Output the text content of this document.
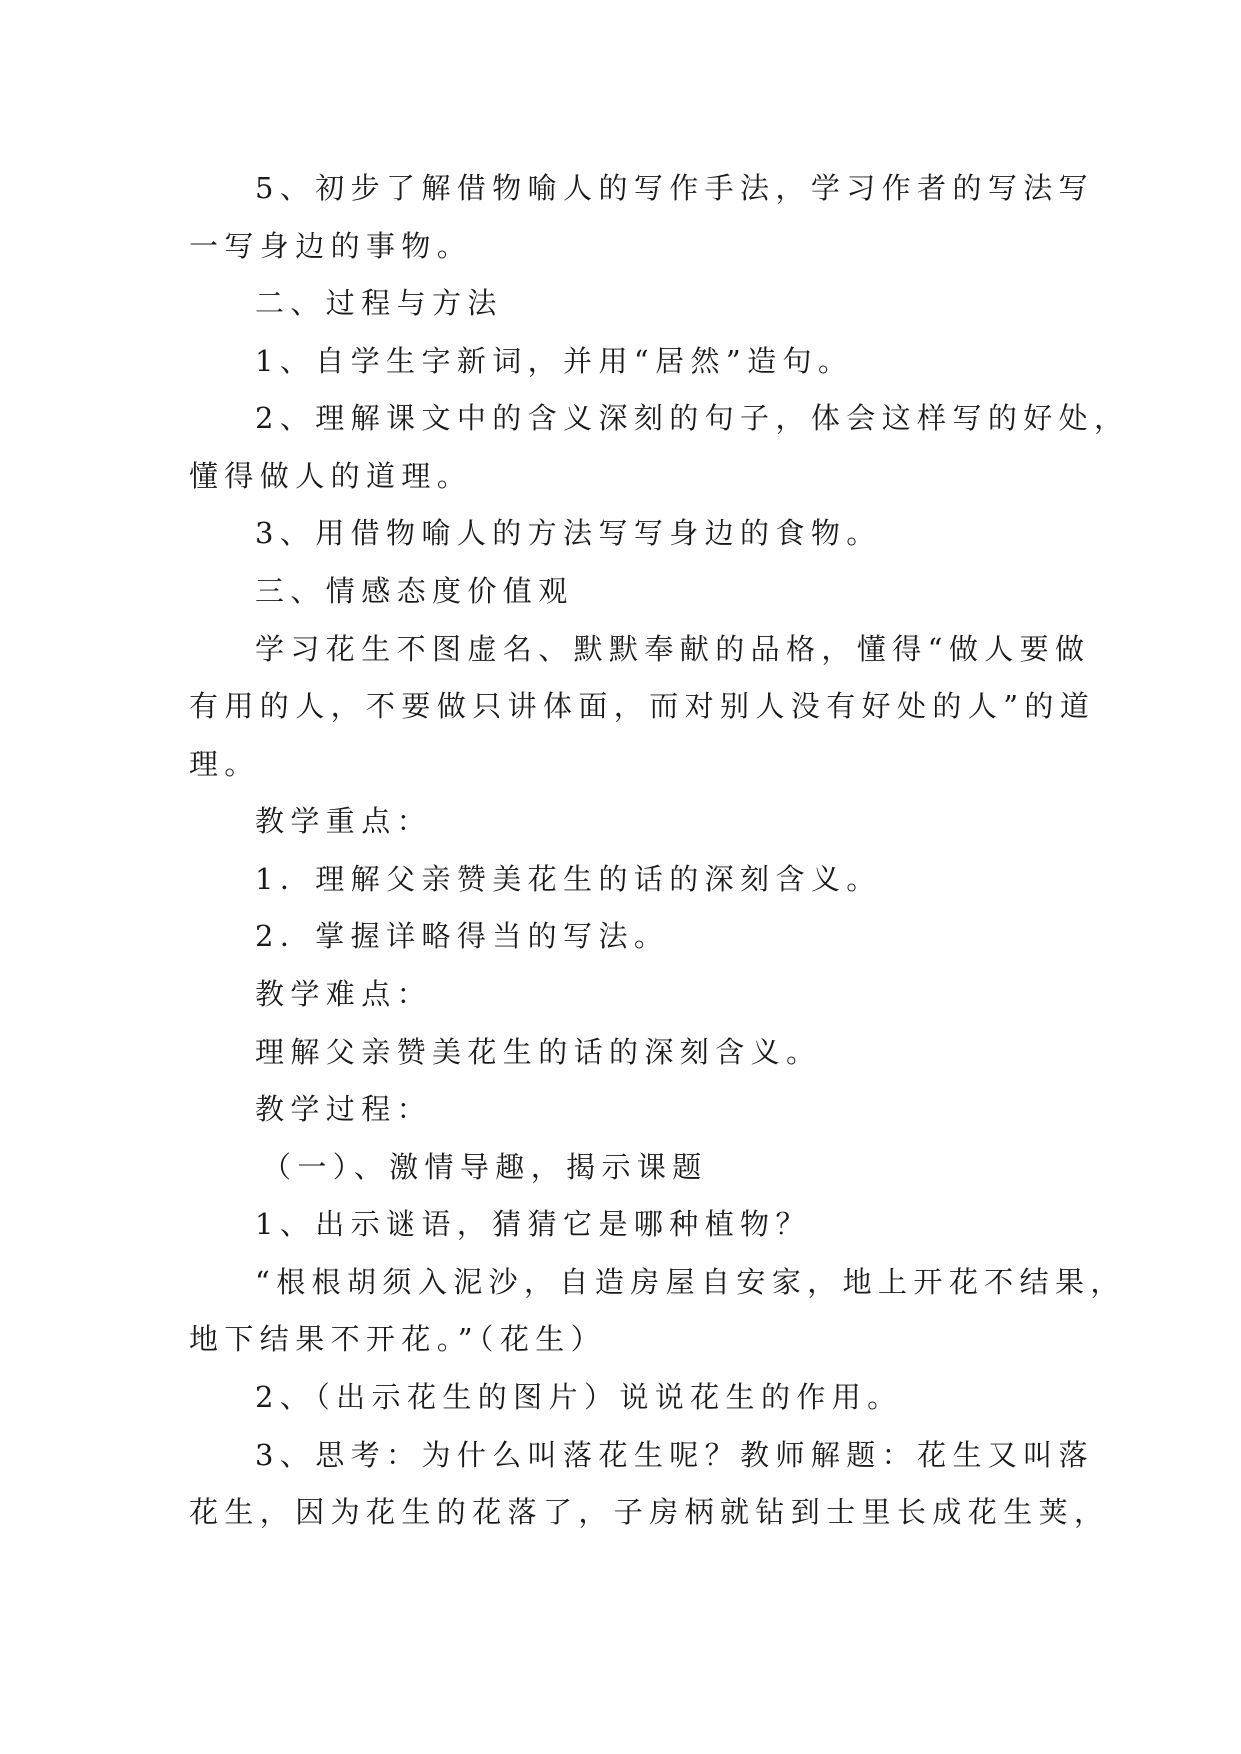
5、初步了解借物喻人的写作手法，学习作者的写法写
一写身边的事物。
二、过程与方法
1、自学生字新词，并用“居然”造句。
2、理解课文中的含义深刻的句子，体会这样写的好处，
懂得做人的道理。
3、用借物喻人的方法写写身边的食物。
三、情感态度价值观
学习花生不图虚名、默默奉献的品格，懂得“做人要做
有用的人，不要做只讲体面，而对别人没有好处的人”的道
理。
教学重点：
1．理解父亲赞美花生的话的深刻含义。
2．掌握详略得当的写法。
教学难点：
理解父亲赞美花生的话的深刻含义。
教学过程：
（一）、激情导趣，揭示课题
1、出示谜语，猜猜它是哪种植物？
“根根胡须入泥沙，自造房屋自安家，地上开花不结果，
地下结果不开花。”（花生）
2、（出示花生的图片）说说花生的作用。
3、思考：为什么叫落花生呢？教师解题：花生又叫落
花生，因为花生的花落了，子房柄就钻到士里长成花生荚，
